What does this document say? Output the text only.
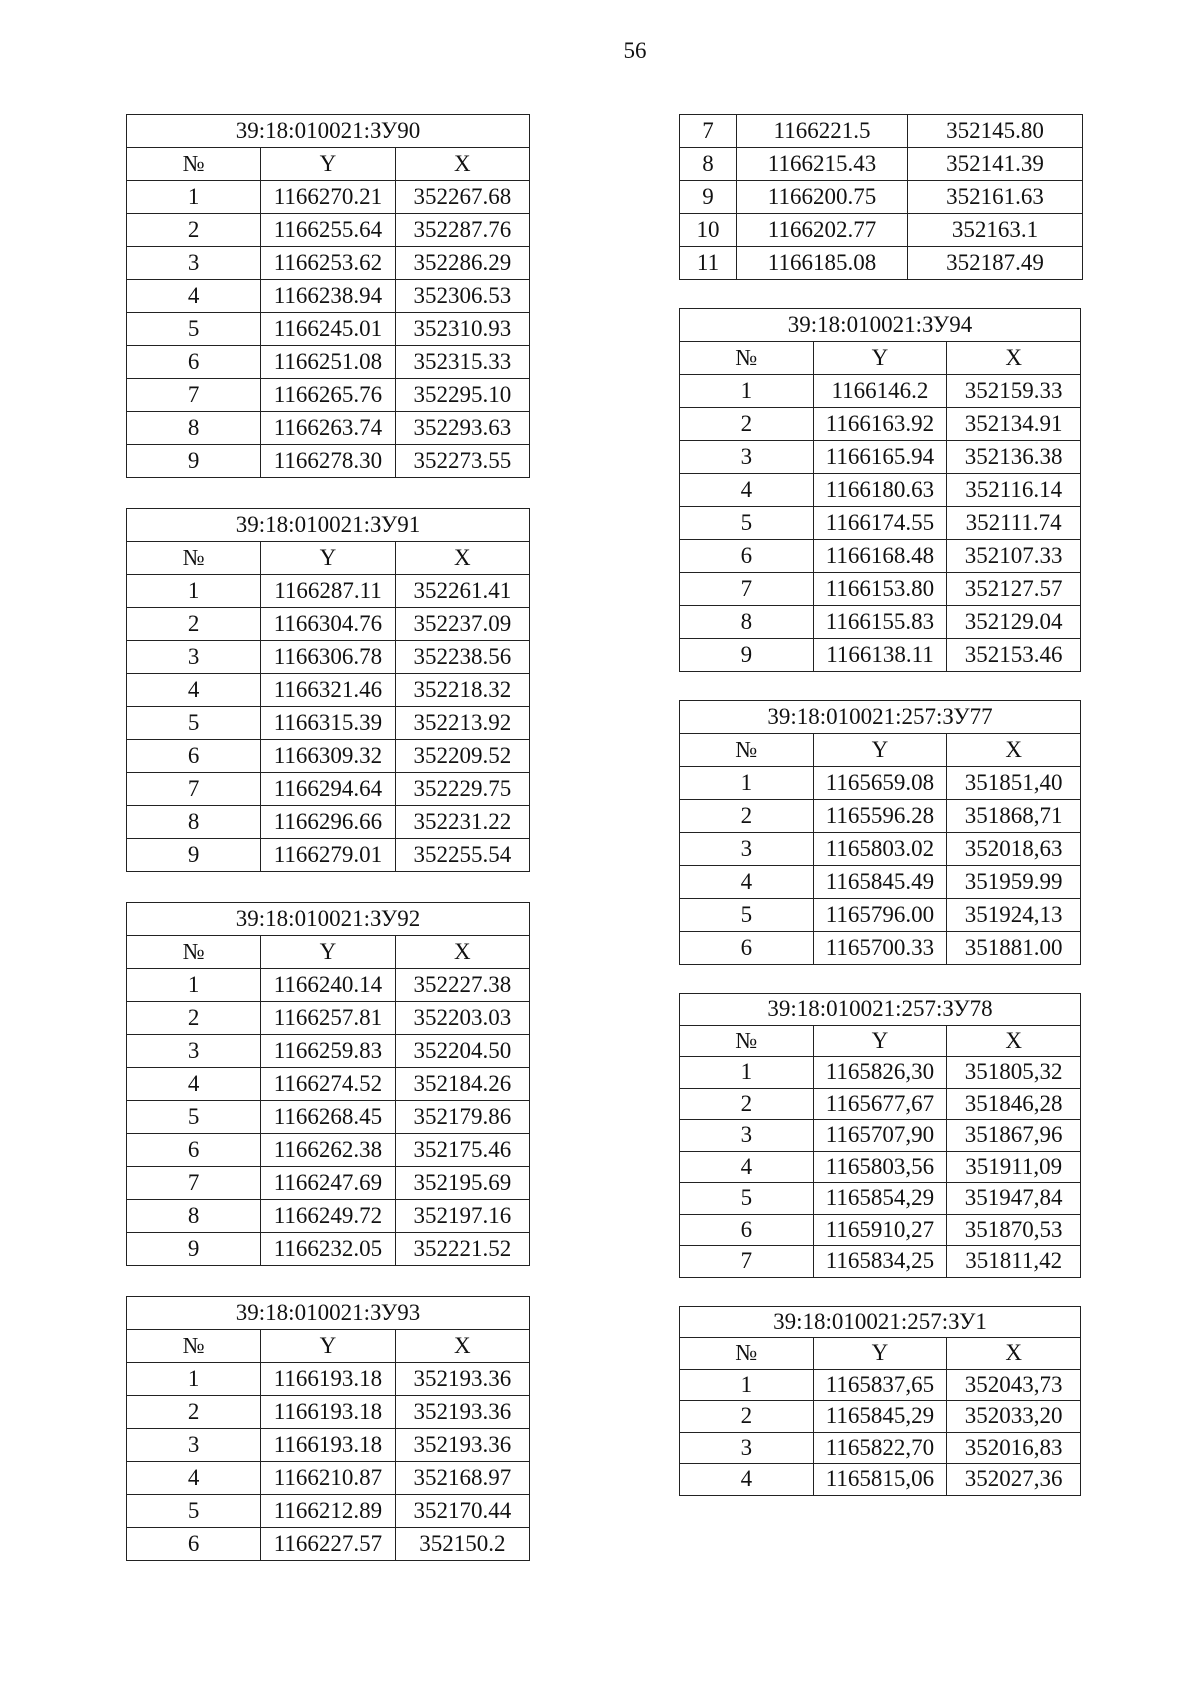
56
39:18:010021:ЗУ90		
№	Y	X
1	1166270.21	352267.68
2	1166255.64	352287.76
3	1166253.62	352286.29
4	1166238.94	352306.53
5	1166245.01	352310.93
6	1166251.08	352315.33
7	1166265.76	352295.10
8	1166263.74	352293.63
9	1166278.30	352273.55
39:18:010021:ЗУ91		
№	Y	X
1	1166287.11	352261.41
2	1166304.76	352237.09
3	1166306.78	352238.56
4	1166321.46	352218.32
5	1166315.39	352213.92
6	1166309.32	352209.52
7	1166294.64	352229.75
8	1166296.66	352231.22
9	1166279.01	352255.54
39:18:010021:ЗУ92		
№	Y	X
1	1166240.14	352227.38
2	1166257.81	352203.03
3	1166259.83	352204.50
4	1166274.52	352184.26
5	1166268.45	352179.86
6	1166262.38	352175.46
7	1166247.69	352195.69
8	1166249.72	352197.16
9	1166232.05	352221.52
39:18:010021:ЗУ93		
№	Y	X
1	1166193.18	352193.36
2	1166193.18	352193.36
3	1166193.18	352193.36
4	1166210.87	352168.97
5	1166212.89	352170.44
6	1166227.57	352150.2
7	1166221.5	352145.80
8	1166215.43	352141.39
9	1166200.75	352161.63
10	1166202.77	352163.1
11	1166185.08	352187.49
39:18:010021:ЗУ94		
№	Y	X
1	1166146.2	352159.33
2	1166163.92	352134.91
3	1166165.94	352136.38
4	1166180.63	352116.14
5	1166174.55	352111.74
6	1166168.48	352107.33
7	1166153.80	352127.57
8	1166155.83	352129.04
9	1166138.11	352153.46
39:18:010021:257:ЗУ77		
№	Y	X
1	1165659.08	351851,40
2	1165596.28	351868,71
3	1165803.02	352018,63
4	1165845.49	351959.99
5	1165796.00	351924,13
6	1165700.33	351881.00
39:18:010021:257:ЗУ78		
№	Y	X
1	1165826,30	351805,32
2	1165677,67	351846,28
3	1165707,90	351867,96
4	1165803,56	351911,09
5	1165854,29	351947,84
6	1165910,27	351870,53
7	1165834,25	351811,42
39:18:010021:257:ЗУ1		
№	Y	X
1	1165837,65	352043,73
2	1165845,29	352033,20
3	1165822,70	352016,83
4	1165815,06	352027,36
